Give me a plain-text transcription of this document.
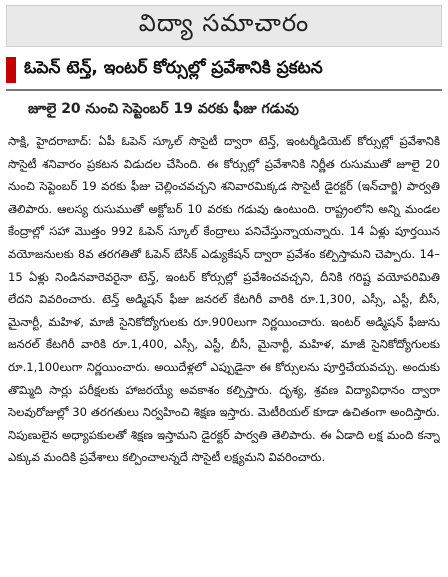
విద్యా సమాచారం
ఓపెన్ టెన్త్, ఇంటర్ కోర్సుల్లో ప్రవేశానికి ప్రకటన
జూలై 20 నుంచి సెప్టెంబర్ 19 వరకు ఫీజు గడువు
సాక్షి, హైదరాబాద్: ఏపీ ఓపెన్ స్కూల్ సొసైటీ ద్వారా టెన్త్, ఇంటర్మీడియెట్ కోర్సుల్లో ప్రవేశానికి సొసైటీ శనివారం ప్రకటన విడుదల చేసింది. ఈ కోర్సుల్లో ప్రవేశానికి నిర్ణీత రుసుముతో జూలై 20 నుంచి సెప్టెంబర్ 19 వరకు ఫీజు చెల్లించవచ్చని శనివారమిక్కడ సొసైటీ డైరక్టర్ (ఇన్‌చార్జి) పార్వతి తెలిపారు. ఆలస్య రుసుముతో అక్టోబర్ 10 వరకు గడువు ఉంటుంది. రాష్ట్రంలోని అన్ని మండల కేంద్రాల్లో సహా మొత్తం 992 ఓపెన్ స్కూల్ కేంద్రాలు పనిచేస్తున్నాయన్నారు. 14 ఏళ్లు పూర్తయిన వయోజనులకు 8వ తరగతితో ఓపెన్ బేసిక్ ఎడ్యుకేషన్ ద్వారా ప్రవేశం కల్పిస్తామని చెప్పారు. 14–15 ఏళ్లు నిండినవారెవరైనా టెన్త్, ఇంటర్ కోర్సుల్లో ప్రవేశించవచ్చని, దీనికి గరిష్ట వయోపరిమితి లేదని వివరించారు. టెన్త్ అడ్మిషన్ ఫీజు జనరల్ కేటగిరీ వారికి రూ.1,300, ఎస్సీ, ఎస్టీ, బీసీ, మైనార్టీ, మహిళ, మాజీ సైనికోద్యోగులకు రూ.900లుగా నిర్ణయించారు. ఇంటర్ అడ్మిషన్ ఫీజును జనరల్ కేటగిరీ వారికి రూ.1,400, ఎస్సీ, ఎస్టీ, బీసీ, మైనార్టీ, మహిళ, మాజీ సైనికోద్యోగులకు రూ.1,100లుగా నిర్ణయించారు. అయిదేళ్లలో ఎప్పుడైనా ఈ కోర్సులను పూర్తిచేయవచ్చు. అందుకు తొమ్మిది సార్లు పరీక్షలకు హాజరయ్యే అవకాశం కల్పిస్తారు. దృశ్య, శ్రవణ విద్యావిధానం ద్వారా సెలవురోజుల్లో 30 తరగతులు నిర్వహించి శిక్షణ ఇస్తారు. మెటీరియల్ కూడా ఉచితంగా అందిస్తారు. నిపుణులైన అధ్యాపకులతో శిక్షణ ఇస్తామని డైరక్టర్ పార్వతి తెలిపారు. ఈ ఏడాది లక్ష మంది కన్నా ఎక్కువ మందికి ప్రవేశాలు కల్పించాలన్నదే సొసైటీ లక్ష్యమని వివరించారు.
